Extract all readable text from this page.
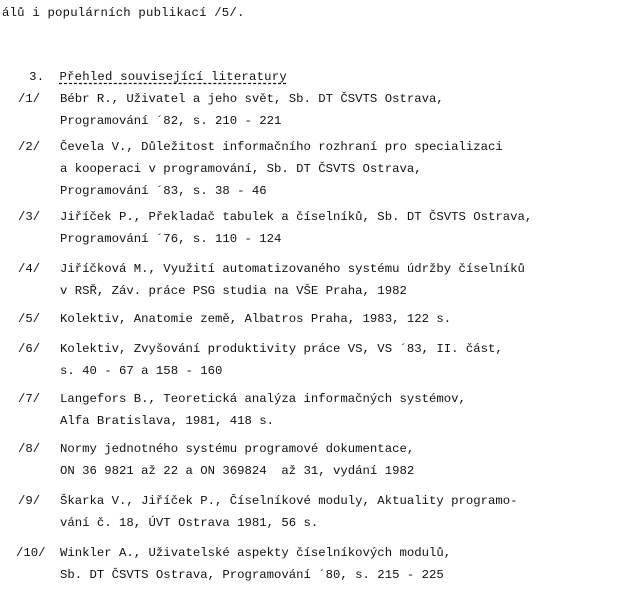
álů i populárních publikací /5/.

3. Přehled související literatury

/1/ Bébr R., Uživatel a jeho svět, Sb. DT ČSVTS Ostrava,
Programování ´82, s. 210 - 221
/2/ Čevela V., Důležitost informačního rozhraní pro specializaci
a kooperaci v programování, Sb. DT ČSVTS Ostrava,
Programování ´83, s. 38 - 46
/3/ Jiříček P., Překladač tabulek a číselníků, Sb. DT ČSVTS Ostrava,
Programování ´76, s. 110 - 124
/4/ Jiříčková M., Využití automatizovaného systému údržby číselníků
v RSŘ, Záv. práce PSG studia na VŠE Praha, 1982
/5/ Kolektiv, Anatomie země, Albatros Praha, 1983, 122 s.
/6/ Kolektiv, Zvyšování produktivity práce VS, VS ´83, II. část,
s. 40 - 67 a 158 - 160
/7/ Langefors B., Teoretická analýza informačných systémov,
Alfa Bratislava, 1981, 418 s.
/8/ Normy jednotného systému programové dokumentace,
ON 36 9821 až 22 a ON 369824  až 31, vydání 1982
/9/ Škarka V., Jiříček P., Číselníkové moduly, Aktuality programo-
vání č. 18, ÚVT Ostrava 1981, 56 s.
/10/ Winkler A., Uživatelské aspekty číselníkových modulů,
Sb. DT ČSVTS Ostrava, Programování ´80, s. 215 - 225
